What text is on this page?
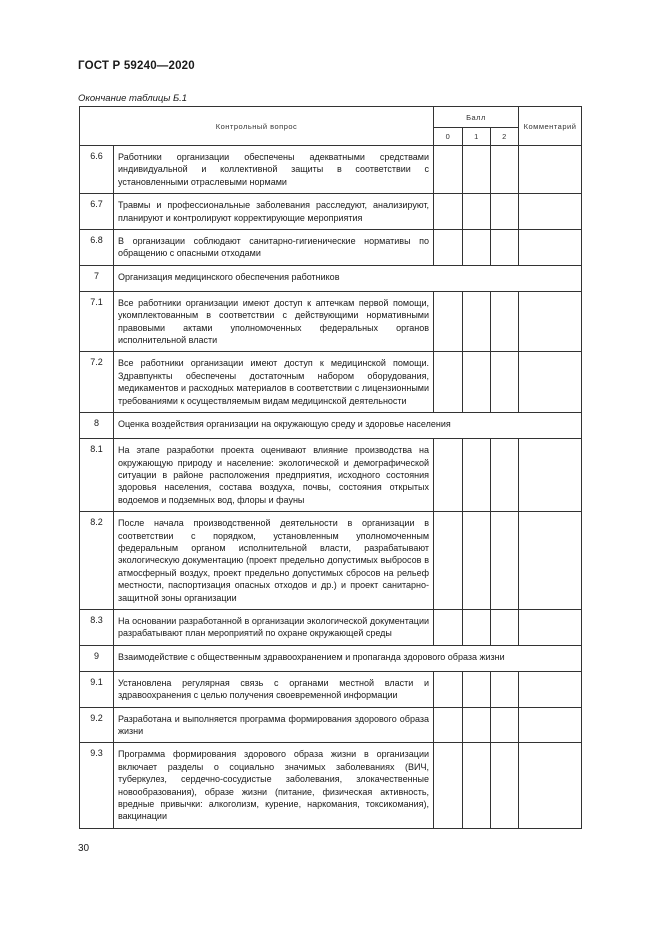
ГОСТ Р 59240—2020
Окончание таблицы Б.1
Контрольный вопрос		Балл			Комментарий
		0	1	2	
6.6	Работники организации обеспечены адекватными средствами индивидуальной и коллективной защиты в соответствии с установленными отраслевыми нормами				
6.7	Травмы и профессиональные заболевания расследуют, анализируют, планируют и контролируют корректирующие мероприятия				
6.8	В организации соблюдают санитарно-гигиенические нормативы по обращению с опасными отходами				
7	Организация медицинского обеспечения работников				
7.1	Все работники организации имеют доступ к аптечкам первой помощи, укомплектованным в соответствии с действующими нормативными правовыми актами уполномоченных федеральных органов исполнительной власти				
7.2	Все работники организации имеют доступ к медицинской помощи. Здравпункты обеспечены достаточным набором оборудования, медикаментов и расходных материалов в соответствии с лицензионными требованиями к осуществляемым видам медицинской деятельности				
8	Оценка воздействия организации на окружающую среду и здоровье населения				
8.1	На этапе разработки проекта оценивают влияние производства на окружающую природу и население: экологической и демографической ситуации в районе расположения предприятия, исходного состояния здоровья населения, состава воздуха, почвы, состояния открытых водоемов и подземных вод, флоры и фауны				
8.2	После начала производственной деятельности в организации в соответствии с порядком, установленным уполномоченным федеральным органом исполнительной власти, разрабатывают экологическую документацию (проект предельно допустимых выбросов в атмосферный воздух, проект предельно допустимых сбросов на рельеф местности, паспортизация опасных отходов и др.) и проект санитарно-защитной зоны организации				
8.3	На основании разработанной в организации экологической документации разрабатывают план мероприятий по охране окружающей среды				
9	Взаимодействие с общественным здравоохранением и пропаганда здорового образа жизни				
9.1	Установлена регулярная связь с органами местной власти и здравоохранения с целью получения своевременной информации				
9.2	Разработана и выполняется программа формирования здорового образа жизни				
9.3	Программа формирования здорового образа жизни в организации включает разделы о социально значимых заболеваниях (ВИЧ, туберкулез, сердечно-сосудистые заболевания, злокачественные новообразования), образе жизни (питание, физическая активность, вредные привычки: алкоголизм, курение, наркомания, токсикомания), вакцинации				
30
